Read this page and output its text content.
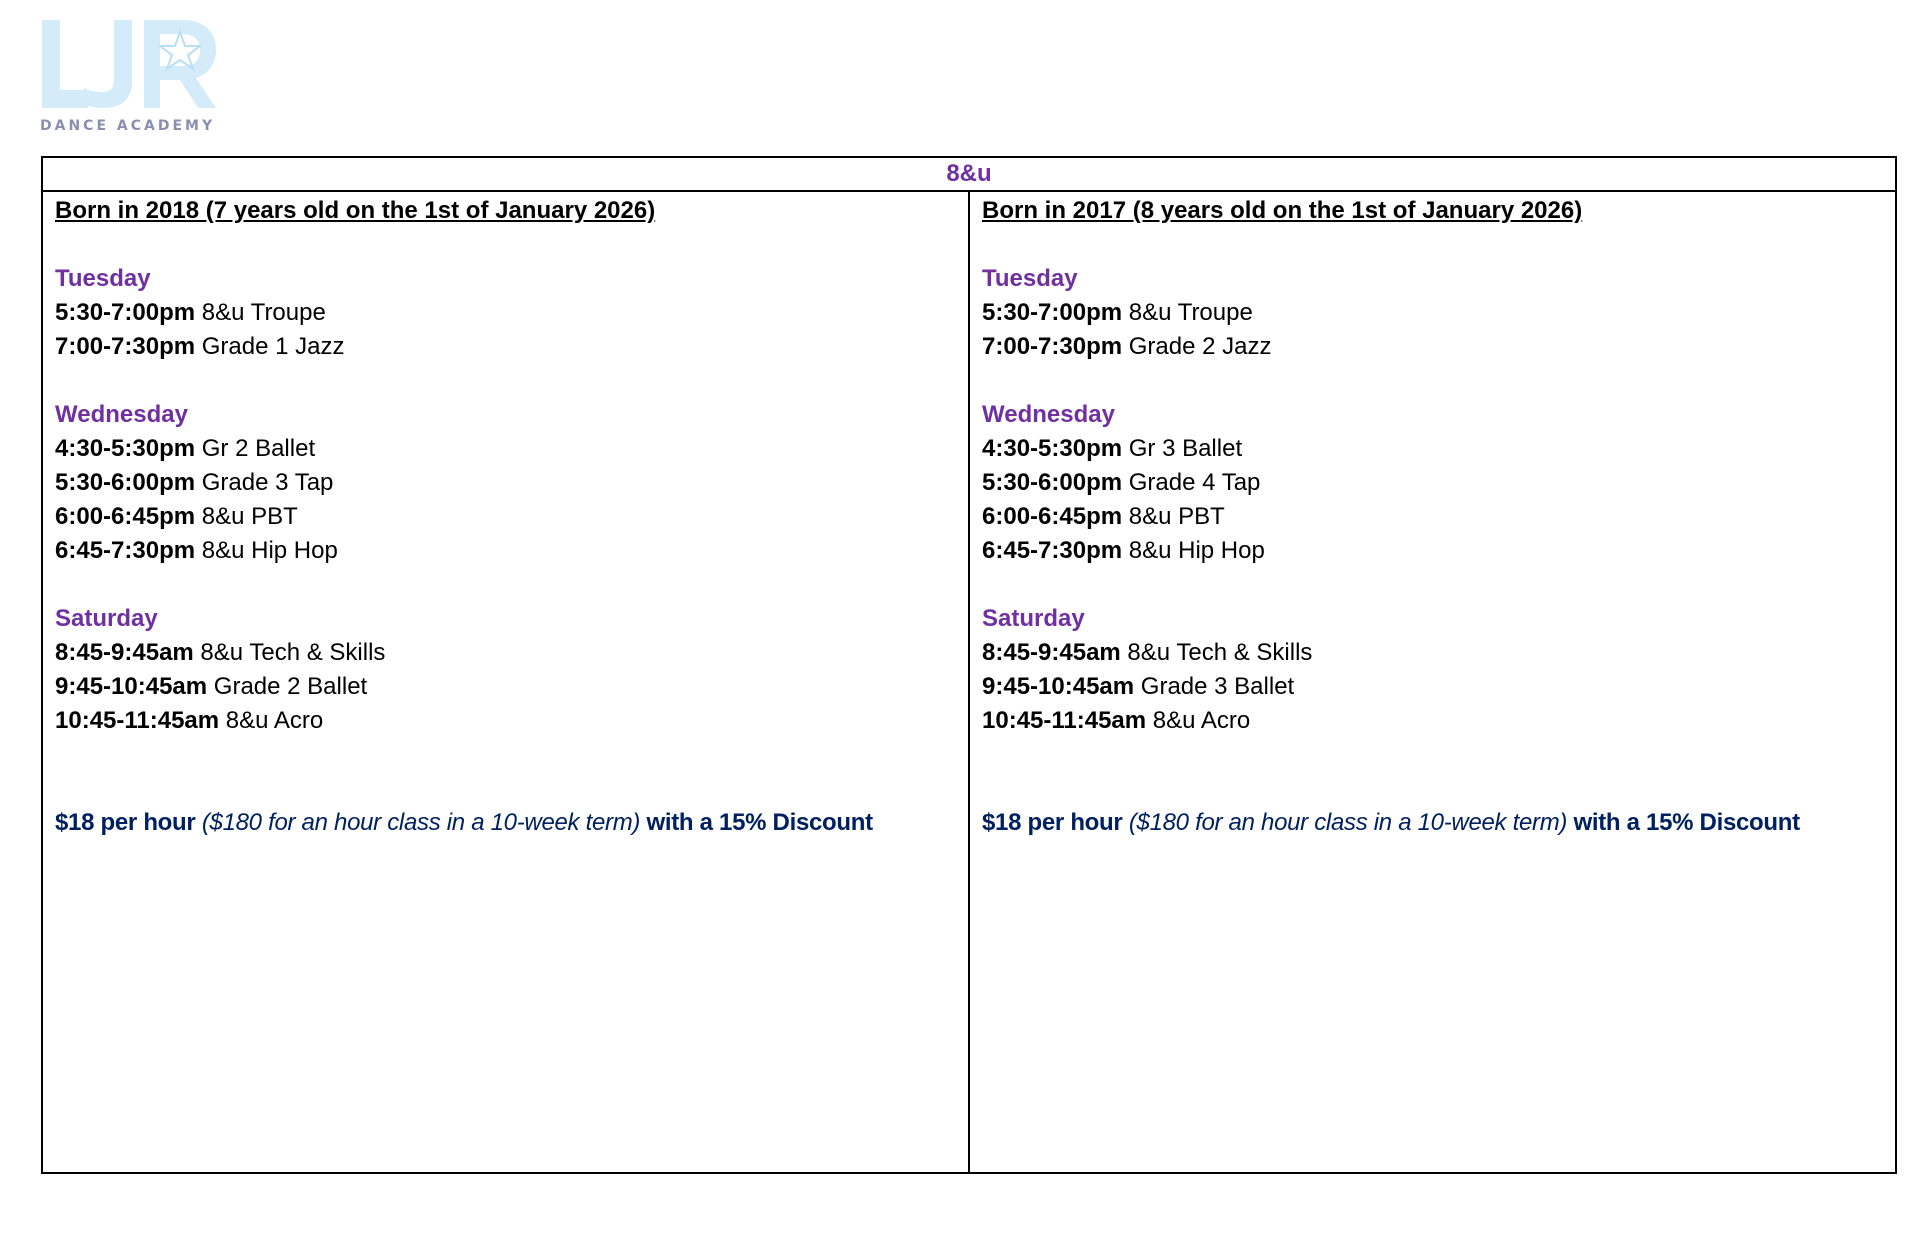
DANCE ACADEMY
8&u
Born in 2018 (7 years old on the 1st of January 2026)
Tuesday
5:30-7:00pm 8&u Troupe
7:00-7:30pm Grade 1 Jazz
Wednesday
4:30-5:30pm Gr 2 Ballet
5:30-6:00pm Grade 3 Tap
6:00-6:45pm 8&u PBT
6:45-7:30pm 8&u Hip Hop
Saturday
8:45-9:45am 8&u Tech & Skills
9:45-10:45am Grade 2 Ballet
10:45-11:45am 8&u Acro
$18 per hour ($180 for an hour class in a 10-week term) with a 15% Discount
Born in 2017 (8 years old on the 1st of January 2026)
Tuesday
5:30-7:00pm 8&u Troupe
7:00-7:30pm Grade 2 Jazz
Wednesday
4:30-5:30pm Gr 3 Ballet
5:30-6:00pm Grade 4 Tap
6:00-6:45pm 8&u PBT
6:45-7:30pm 8&u Hip Hop
Saturday
8:45-9:45am 8&u Tech & Skills
9:45-10:45am Grade 3 Ballet
10:45-11:45am 8&u Acro
$18 per hour ($180 for an hour class in a 10-week term) with a 15% Discount
